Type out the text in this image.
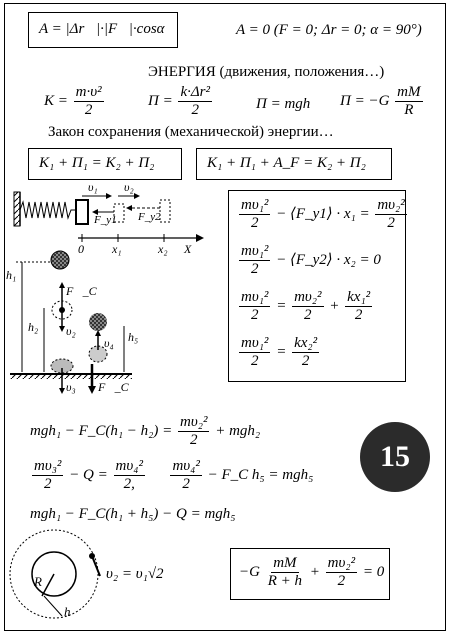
A = |Δr⃗|·|F⃗|·cosα	A = 0 (F = 0; Δr = 0; α = 90°)
ЭНЕРГИЯ (движения, положения…)
$K = \frac{\text{m·υ²}}{2}$	$П = \frac{\text{k·Δr²}}{2}$	П = mgh $П = -G \frac{mM}{R}$
Закон сохранения (механической) энергии…
K₁ + П₁ = K₂ + П₂	K₁ + П₁ + A_F = K₂ + П₂
υ₁ υ₂
F_y1 F_y2
0 x₁	x₂ X
h₁
h₂
h₅
F⃗_C
υ₂
υ₃
υ₄
F⃗_C
$\frac{\text{mυ₁²}}{2}$ − ⟨F_y1⟩ · $x_1 = \frac{\text{mυ₂²}}{2}$
$\frac{\text{mυ₁²}}{2}$ − ⟨F_y2⟩ · x₂ = 0
$\frac{\text{mυ₁²}}{2} = \frac{\text{mυ₂²}}{2} + \frac{\text{kx₁²}}{2}$
$\frac{\text{mυ₁²}}{2} = \frac{\text{kx₂²}}{2}$
mgh₁ − F_C(h₁ − $h_2) = \frac{\text{mυ₂²}}{2} + mgh_2$
$\frac{\text{mυ₃²}}{2} - Q = \frac{\text{mυ₄²}}{2,}$
$\frac{\text{mυ₄²}}{2}$ − F_C h₅ = mgh₅
mgh₁ − F_C(h₁ + h₅) − Q = mgh₅
15
R
h
υ₂ = υ₁√2	$-G \frac{mM}{R + h} + \frac{\text{mυ₂²}}{2} = 0$
